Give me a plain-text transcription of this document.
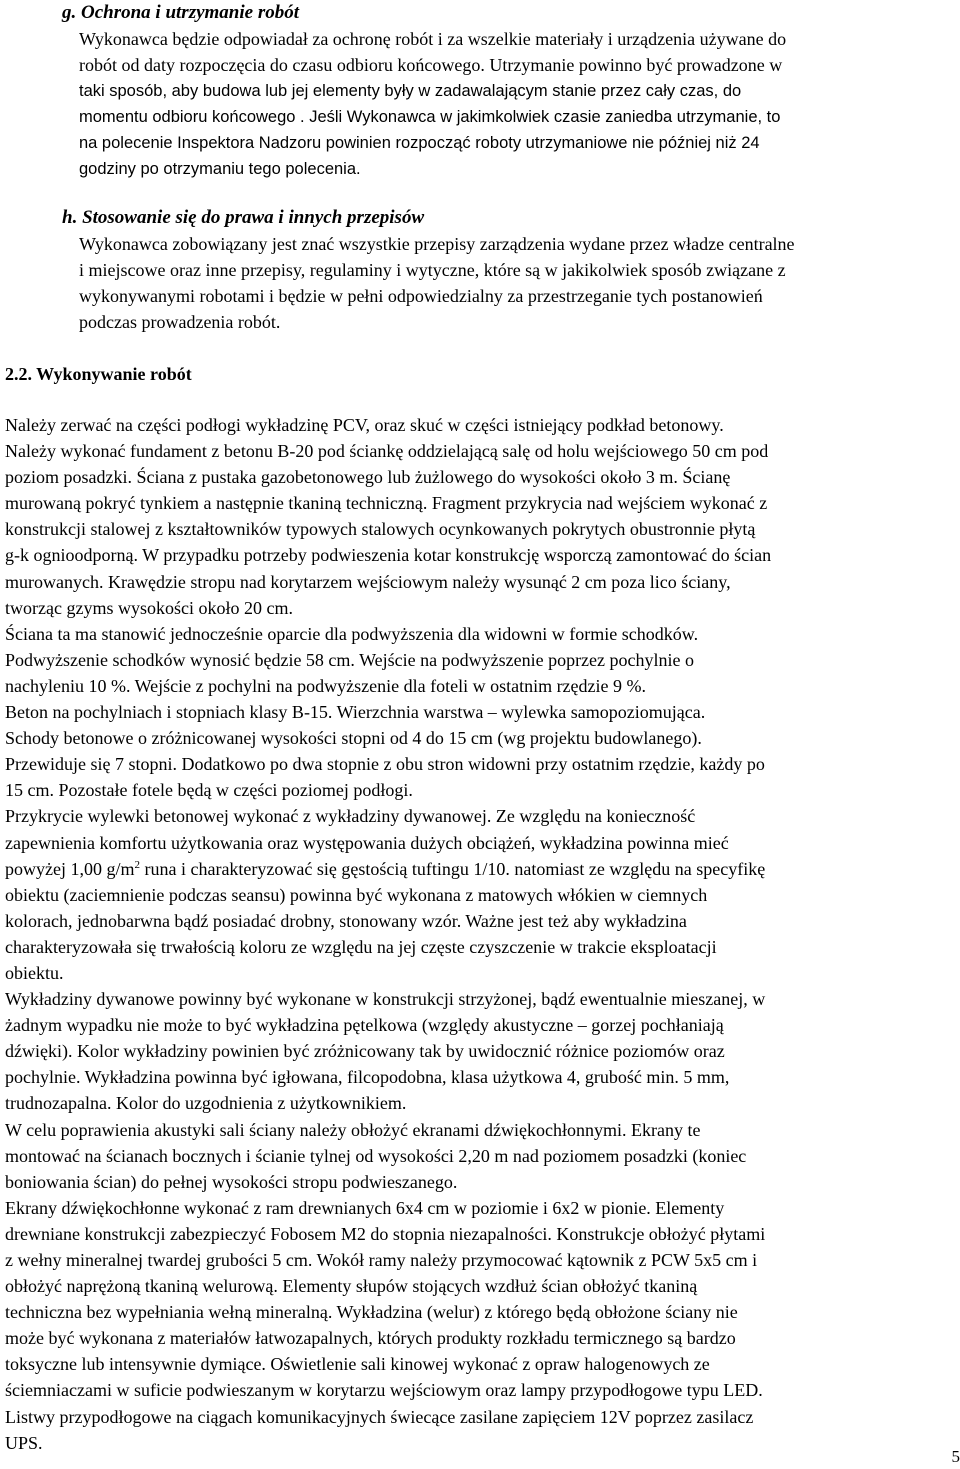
g. Ochrona i utrzymanie robót
Wykonawca będzie odpowiadał za ochronę robót i za wszelkie materiały i urządzenia używane do
robót od daty rozpoczęcia do czasu odbioru końcowego. Utrzymanie powinno być prowadzone w
taki sposób, aby budowa lub jej elementy były w zadawalającym stanie przez cały czas, do
momentu odbioru końcowego . Jeśli Wykonawca w jakimkolwiek czasie zaniedba utrzymanie, to
na polecenie Inspektora Nadzoru powinien rozpocząć roboty utrzymaniowe nie później niż 24
godziny po otrzymaniu tego polecenia.
h. Stosowanie się do prawa i innych przepisów
Wykonawca zobowiązany jest znać wszystkie przepisy zarządzenia wydane przez władze centralne
i miejscowe oraz inne przepisy, regulaminy i wytyczne, które są w jakikolwiek sposób związane z
wykonywanymi robotami i będzie w pełni odpowiedzialny za przestrzeganie tych postanowień
podczas prowadzenia robót.
2.2. Wykonywanie robót
Należy zerwać na części podłogi wykładzinę PCV, oraz skuć w części istniejący podkład betonowy.
Należy wykonać fundament z betonu B-20 pod ściankę oddzielającą salę od holu wejściowego 50 cm pod
poziom posadzki. Ściana z pustaka gazobetonowego lub żużlowego do wysokości około 3 m. Ścianę
murowaną pokryć tynkiem a następnie tkaniną techniczną. Fragment przykrycia nad wejściem wykonać z
konstrukcji stalowej z kształtowników typowych stalowych ocynkowanych pokrytych obustronnie płytą
g-k ognioodporną. W przypadku potrzeby podwieszenia kotar konstrukcję wsporczą zamontować do ścian
murowanych. Krawędzie stropu nad korytarzem wejściowym należy wysunąć 2 cm poza lico ściany,
tworząc gzyms wysokości około 20 cm.
Ściana ta ma stanowić jednocześnie oparcie dla podwyższenia dla widowni w formie schodków.
Podwyższenie schodków wynosić będzie 58 cm. Wejście na podwyższenie poprzez pochylnie o
nachyleniu 10 %. Wejście z pochylni na podwyższenie dla foteli w ostatnim rzędzie 9 %.
Beton na pochylniach i stopniach klasy B-15. Wierzchnia warstwa – wylewka samopoziomująca.
Schody betonowe o zróżnicowanej wysokości stopni od 4 do 15 cm (wg projektu budowlanego).
Przewiduje się 7 stopni. Dodatkowo po dwa stopnie z obu stron widowni przy ostatnim rzędzie, każdy po
15 cm. Pozostałe fotele będą w części poziomej podłogi.
Przykrycie wylewki betonowej wykonać z wykładziny dywanowej. Ze względu na konieczność
zapewnienia komfortu użytkowania oraz występowania dużych obciążeń, wykładzina powinna mieć
powyżej 1,00 $g/m^2$ runa i charakteryzować się gęstością tuftingu 1/10. natomiast ze względu na specyfikę
obiektu (zaciemnienie podczas seansu) powinna być wykonana z matowych włókien w ciemnych
kolorach, jednobarwna bądź posiadać drobny, stonowany wzór. Ważne jest też aby wykładzina
charakteryzowała się trwałością koloru ze względu na jej częste czyszczenie w trakcie eksploatacji
obiektu.
Wykładziny dywanowe powinny być wykonane w konstrukcji strzyżonej, bądź ewentualnie mieszanej, w
żadnym wypadku nie może to być wykładzina pętelkowa (względy akustyczne – gorzej pochłaniają
dźwięki). Kolor wykładziny powinien być zróżnicowany tak by uwidocznić różnice poziomów oraz
pochylnie. Wykładzina powinna być igłowana, filcopodobna, klasa użytkowa 4, grubość min. 5 mm,
trudnozapalna. Kolor do uzgodnienia z użytkownikiem.
W celu poprawienia akustyki sali ściany należy obłożyć ekranami dźwiękochłonnymi. Ekrany te
montować na ścianach bocznych i ścianie tylnej od wysokości 2,20 m nad poziomem posadzki (koniec
boniowania ścian) do pełnej wysokości stropu podwieszanego.
Ekrany dźwiękochłonne wykonać z ram drewnianych 6x4 cm w poziomie i 6x2 w pionie. Elementy
drewniane konstrukcji zabezpieczyć Fobosem M2 do stopnia niezapalności. Konstrukcje obłożyć płytami
z wełny mineralnej twardej grubości 5 cm. Wokół ramy należy przymocować kątownik z PCW 5x5 cm i
obłożyć naprężoną tkaniną welurową. Elementy słupów stojących wzdłuż ścian obłożyć tkaniną
techniczna bez wypełniania wełną mineralną. Wykładzina (welur) z którego będą obłożone ściany nie
może być wykonana z materiałów łatwozapalnych, których produkty rozkładu termicznego są bardzo
toksyczne lub intensywnie dymiące. Oświetlenie sali kinowej wykonać z opraw halogenowych ze
ściemniaczami w suficie podwieszanym w korytarzu wejściowym oraz lampy przypodłogowe typu LED.
Listwy przypodłogowe na ciągach komunikacyjnych świecące zasilane zapięciem 12V poprzez zasilacz
UPS.
5
